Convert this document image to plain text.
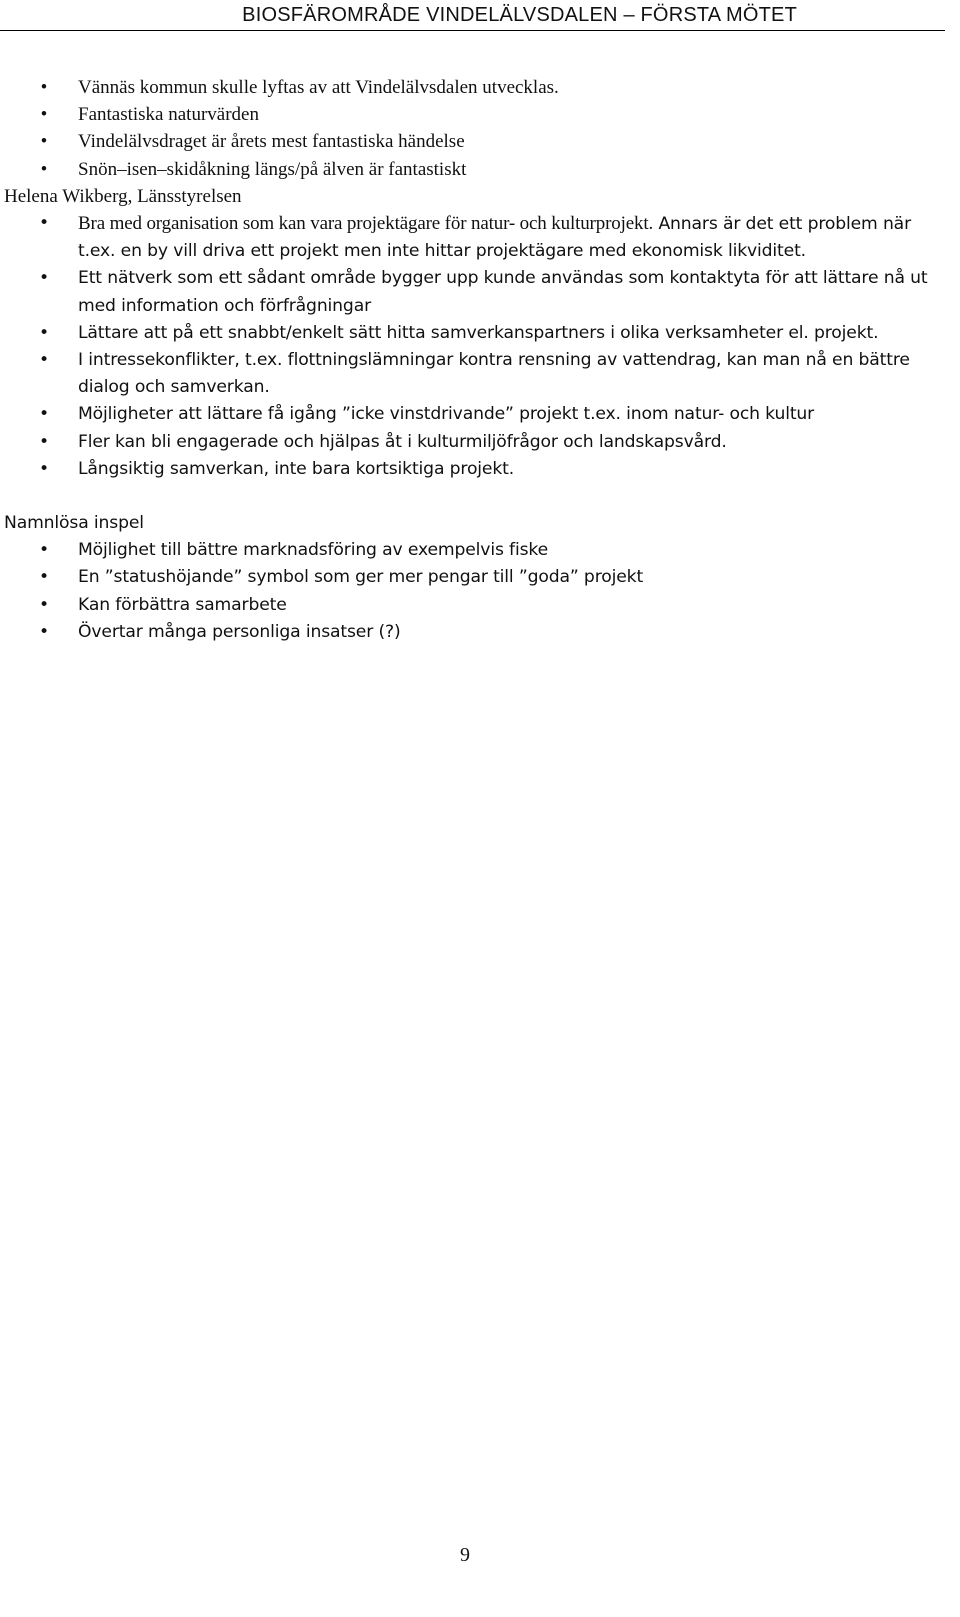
BIOSFÄROMRÅDE VINDELÄLVSDALEN – FÖRSTA MÖTET
•
Vännäs kommun skulle lyftas av att Vindelälvsdalen utvecklas.
•
Fantastiska naturvärden
•
Vindelälvsdraget är årets mest fantastiska händelse
•
Snön–isen–skidåkning längs/på älven är fantastiskt

Helena Wikberg, Länsstyrelsen

•
Bra med organisation som kan vara projektägare för natur- och kulturprojekt. Annars är det ett problem när t.ex. en by vill driva ett projekt men inte hittar projektägare med ekonomisk likviditet.
•
Ett nätverk som ett sådant område bygger upp kunde användas som kontaktyta för att lättare nå ut med information och förfrågningar
•
Lättare att på ett snabbt/enkelt sätt hitta samverkanspartners i olika verksamheter el. projekt.
•
I intressekonflikter, t.ex. flottningslämningar kontra rensning av vattendrag, kan man nå en bättre dialog och samverkan.
•
Möjligheter att lättare få igång ”icke vinstdrivande” projekt t.ex. inom natur- och kultur
•
Fler kan bli engagerade och hjälpas åt i kulturmiljöfrågor och landskapsvård.
•
Långsiktig samverkan, inte bara kortsiktiga projekt.

Namnlösa inspel

•
Möjlighet till bättre marknadsföring av exempelvis fiske
•
En ”statushöjande” symbol som ger mer pengar till ”goda” projekt
•
Kan förbättra samarbete
•
Övertar många personliga insatser (?)
9
